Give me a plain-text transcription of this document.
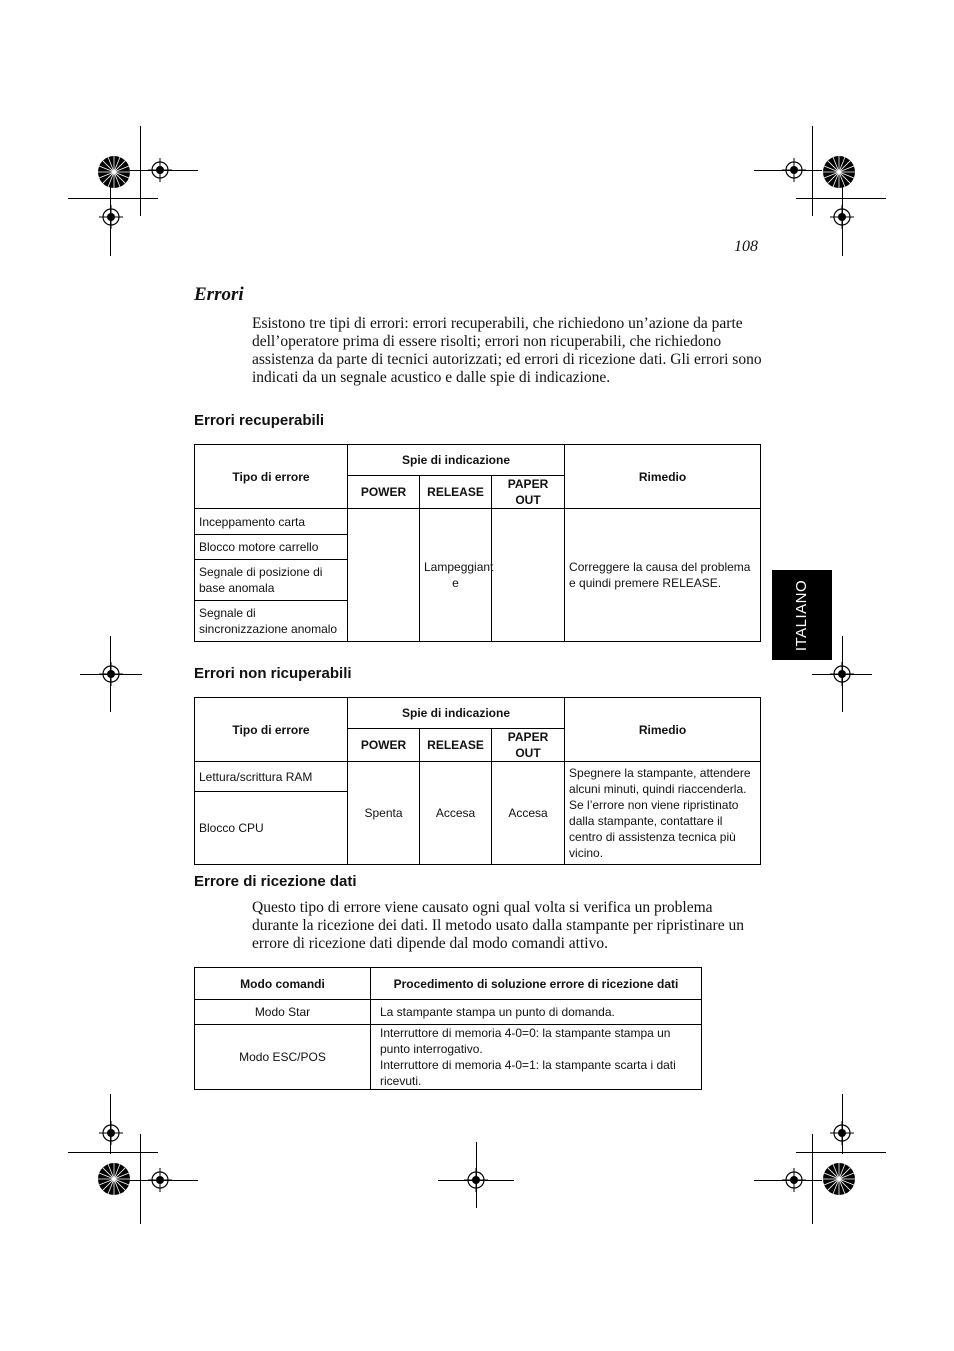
108
ITALIANO
Errori

Esistono tre tipi di errori: errori recuperabili, che richiedono un’azione da parte dell’operatore prima di essere risolti; errori non ricuperabili, che richiedono assistenza da parte di tecnici autorizzati; ed errori di ricezione dati. Gli errori sono indicati da un segnale acustico e dalle spie di indicazione.

Errori recuperabili
Tipo di errore	Spie di indicazione			Rimedio
	POWER	RELEASE	PAPER OUT	
Inceppamento carta		Lampeggiant e		Correggere la causa del problema e quindi premere RELEASE.
Blocco motore carrello				
Segnale di posizione di base anomala				
Segnale di sincronizzazione anomalo				
Errori non ricuperabili
Tipo di errore	Spie di indicazione			Rimedio
	POWER	RELEASE	PAPER OUT	
Lettura/scrittura RAM	Spenta	Accesa	Accesa	Spegnere la stampante, attendere alcuni minuti, quindi riaccenderla. Se l’errore non viene ripristinato dalla stampante, contattare il centro di assistenza tecnica più vicino.
Blocco CPU				
Errore di ricezione dati

Questo tipo di errore viene causato ogni qual volta si verifica un problema durante la ricezione dei dati. Il metodo usato dalla stampante per ripristinare un errore di ricezione dati dipende dal modo comandi attivo.

Modo comandi	Procedimento di soluzione errore di ricezione dati
Modo Star	La stampante stampa un punto di domanda.

Modo ESC/POS	Interruttore di memoria 4-0=0: la stampante stampa un punto interrogativo.
Interruttore di memoria 4-0=1: la stampante scarta i dati ricevuti.
